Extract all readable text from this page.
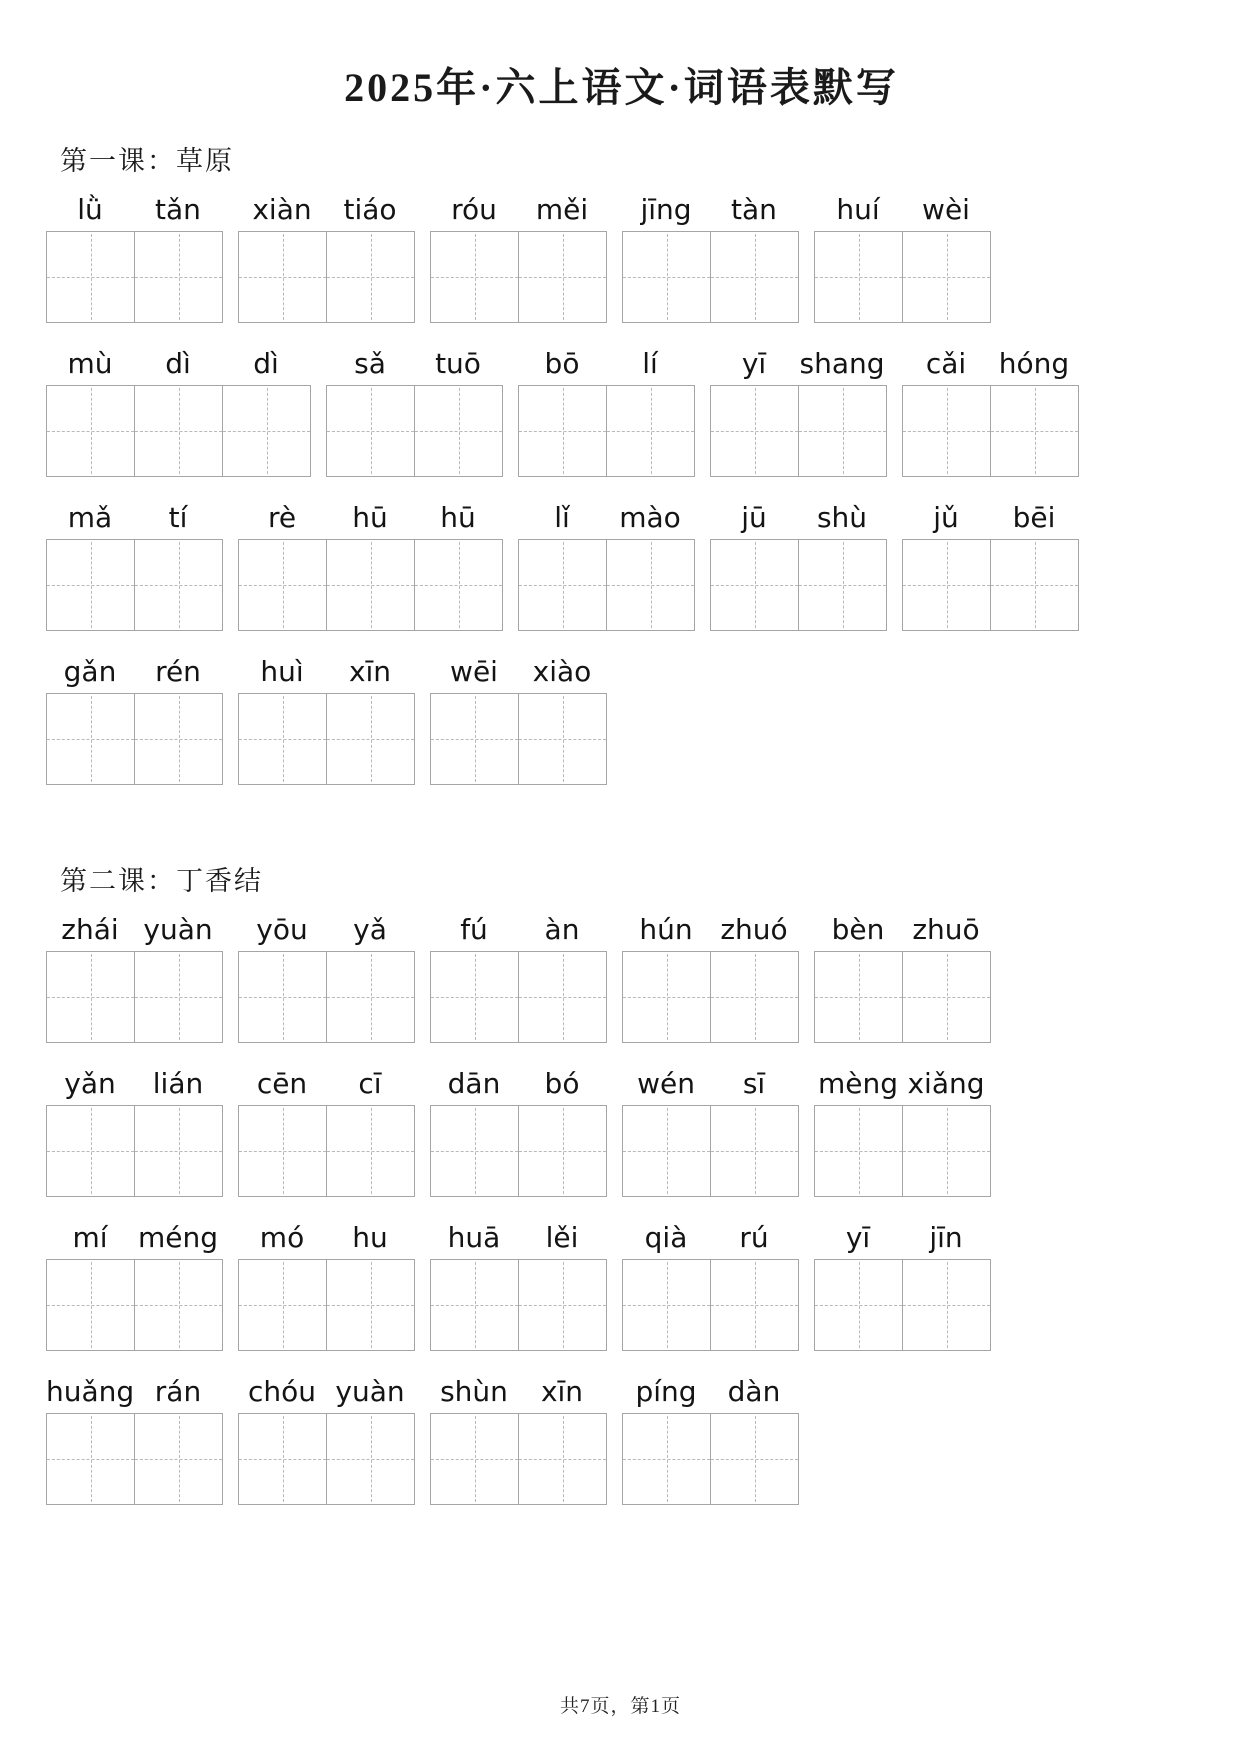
2025年·六上语文·词语表默写
第一课：草原
lǜ	tǎn	xiàn	tiáo	róu	měi	jīng	tàn	huí	wèi
mù	dì	dì	sǎ	tuō	bō	lí	yī	shang	cǎi	hóng
mǎ	tí	rè	hū	hū	lǐ	mào	jū	shù	jǔ	bēi
gǎn	rén	huì	xīn	wēi	xiào
第二课：丁香结
zhái yuàn	yōu	yǎ	fú	àn	hún zhuó	bèn zhuō
yǎn	lián	cēn	cī	dān	bó	wén	sī	mèng xiǎng
mí	méng	mó	hu	huā	lěi	qià	rú	yī	jīn
huǎng rán	chóu yuàn	shùn	xīn	píng	dàn
共7页，第1页
